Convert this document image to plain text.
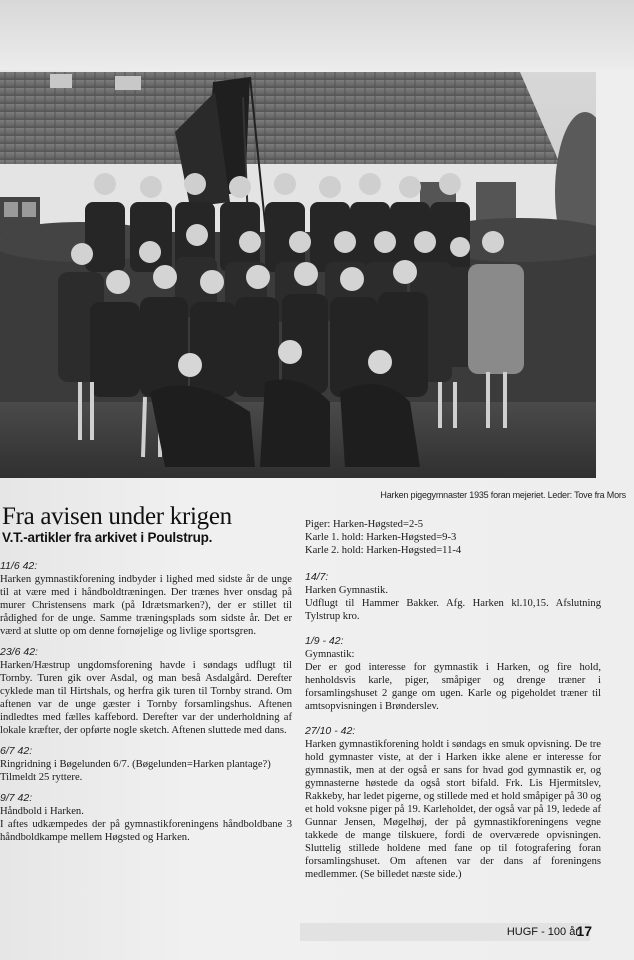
Harken pigegymnaster 1935 foran mejeriet. Leder: Tove fra Mors
Fra avisen under krigen
V.T.-artikler fra arkivet i Poulstrup.
11/6 42:
Harken gymnastikforening indbyder i lighed med sidste år de unge til at være med i håndboldtræningen. Der trænes hver onsdag på murer Christensens mark (på Idrætsmarken?), der er stillet til rådighed for de unge. Samme træningsplads som sidste år. Det er værd at slutte op om denne fornøjelige og livlige sportsgren.
23/6 42:
Harken/Hæstrup ungdomsforening havde i søndags udflugt til Tornby. Turen gik over Asdal, og man beså Asdalgård. Derefter cyklede man til Hirtshals, og herfra gik turen til Tornby strand. Om aftenen var de unge gæster i Tornby forsamlingshus. Aftenen indledtes med fælles kaffebord. Derefter var der underholdning af lokale kræfter, der opførte nogle sketch. Aftenen sluttede med dans.
6/7 42:
Ringridning i Bøgelunden 6/7. (Bøgelunden=Harken plantage?)
Tilmeldt 25 ryttere.
9/7 42:
Håndbold i Harken.
I aftes udkæmpedes der på gymnastikforeningens håndboldbane 3 håndboldkampe mellem Høgsted og Harken.
Piger: Harken-Høgsted=2-5
Karle 1. hold: Harken-Høgsted=9-3
Karle 2. hold: Harken-Høgsted=11-4
14/7:
Harken Gymnastik.
Udflugt til Hammer Bakker. Afg. Harken kl.10,15. Afslutning Tylstrup kro.
1/9 - 42:
Gymnastik:
Der er god interesse for gymnastik i Harken, og fire hold, henholdsvis karle, piger, småpiger og drenge træner i forsamlingshuset 2 gange om ugen. Karle og pigeholdet træner til amtsopvisningen i Brønderslev.
27/10 - 42:
Harken gymnastikforening holdt i søndags en smuk opvisning. De tre hold gymnaster viste, at der i Harken ikke alene er interesse for gymnastik, men at der også er sans for hvad god gymnastik er, og gymnasterne høstede da også stort bifald. Frk. Lis Hjermitslev, Rakkeby, har ledet pigerne, og stillede med et hold småpiger på 30 og et hold voksne piger på 19. Karleholdet, der også var på 19, ledede af Gunnar Jensen, Møgelhøj, der på gymnastikforeningens vegne takkede de mange tilskuere, fordi de overværede opvisningen. Sluttelig stillede holdene med fane op til fotografering foran forsamlingshuset. Om aftenen var der dans af foreningens medlemmer. (Se billedet næste side.)
HUGF - 100 år
17
